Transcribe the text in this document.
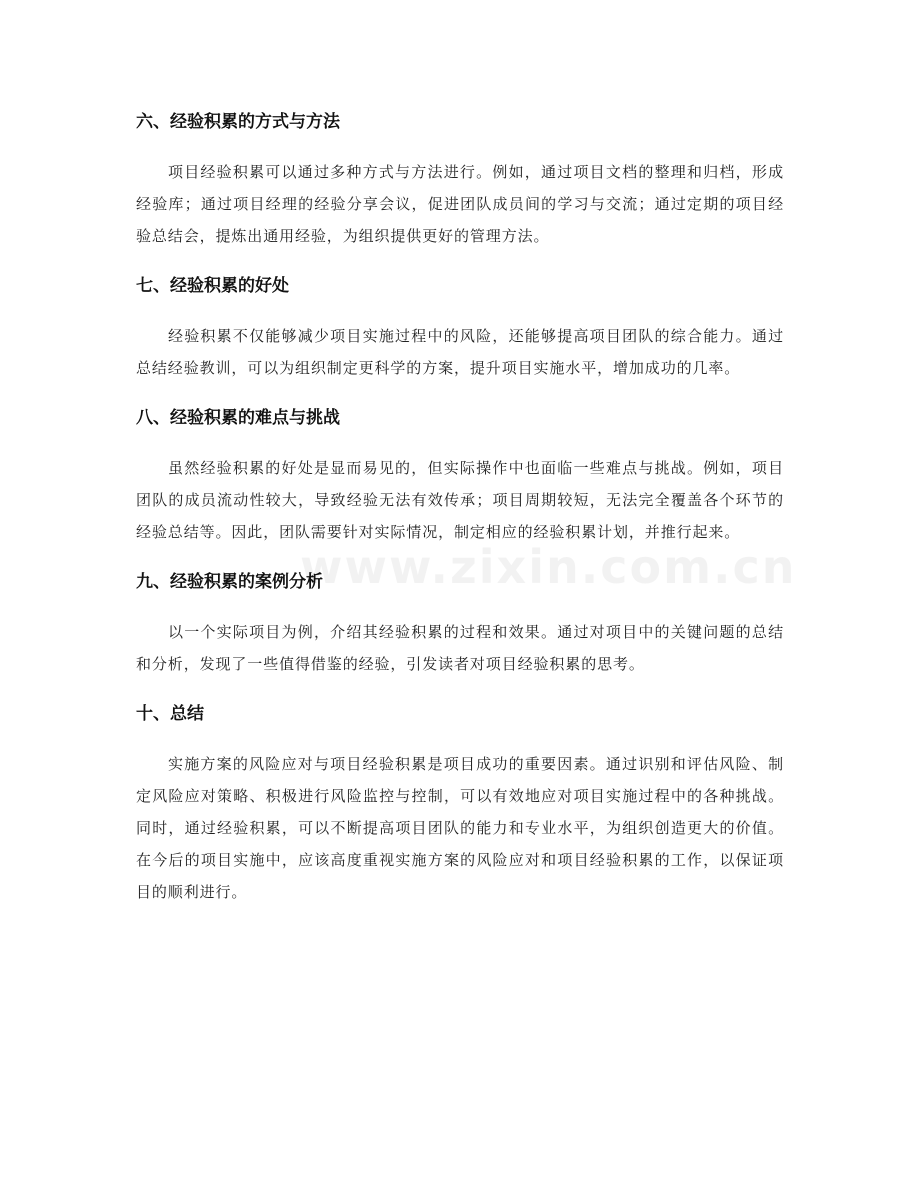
www.zixin.com.cn
六、经验积累的方式与方法

项目经验积累可以通过多种方式与方法进行。例如，通过项目文档的整理和归档，形成经验库；通过项目经理的经验分享会议，促进团队成员间的学习与交流；通过定期的项目经验总结会，提炼出通用经验，为组织提供更好的管理方法。

七、经验积累的好处

经验积累不仅能够减少项目实施过程中的风险，还能够提高项目团队的综合能力。通过总结经验教训，可以为组织制定更科学的方案，提升项目实施水平，增加成功的几率。

八、经验积累的难点与挑战

虽然经验积累的好处是显而易见的，但实际操作中也面临一些难点与挑战。例如，项目团队的成员流动性较大，导致经验无法有效传承；项目周期较短，无法完全覆盖各个环节的经验总结等。因此，团队需要针对实际情况，制定相应的经验积累计划，并推行起来。

九、经验积累的案例分析

以一个实际项目为例，介绍其经验积累的过程和效果。通过对项目中的关键问题的总结和分析，发现了一些值得借鉴的经验，引发读者对项目经验积累的思考。

十、总结

实施方案的风险应对与项目经验积累是项目成功的重要因素。通过识别和评估风险、制定风险应对策略、积极进行风险监控与控制，可以有效地应对项目实施过程中的各种挑战。同时，通过经验积累，可以不断提高项目团队的能力和专业水平，为组织创造更大的价值。在今后的项目实施中，应该高度重视实施方案的风险应对和项目经验积累的工作，以保证项目的顺利进行。
